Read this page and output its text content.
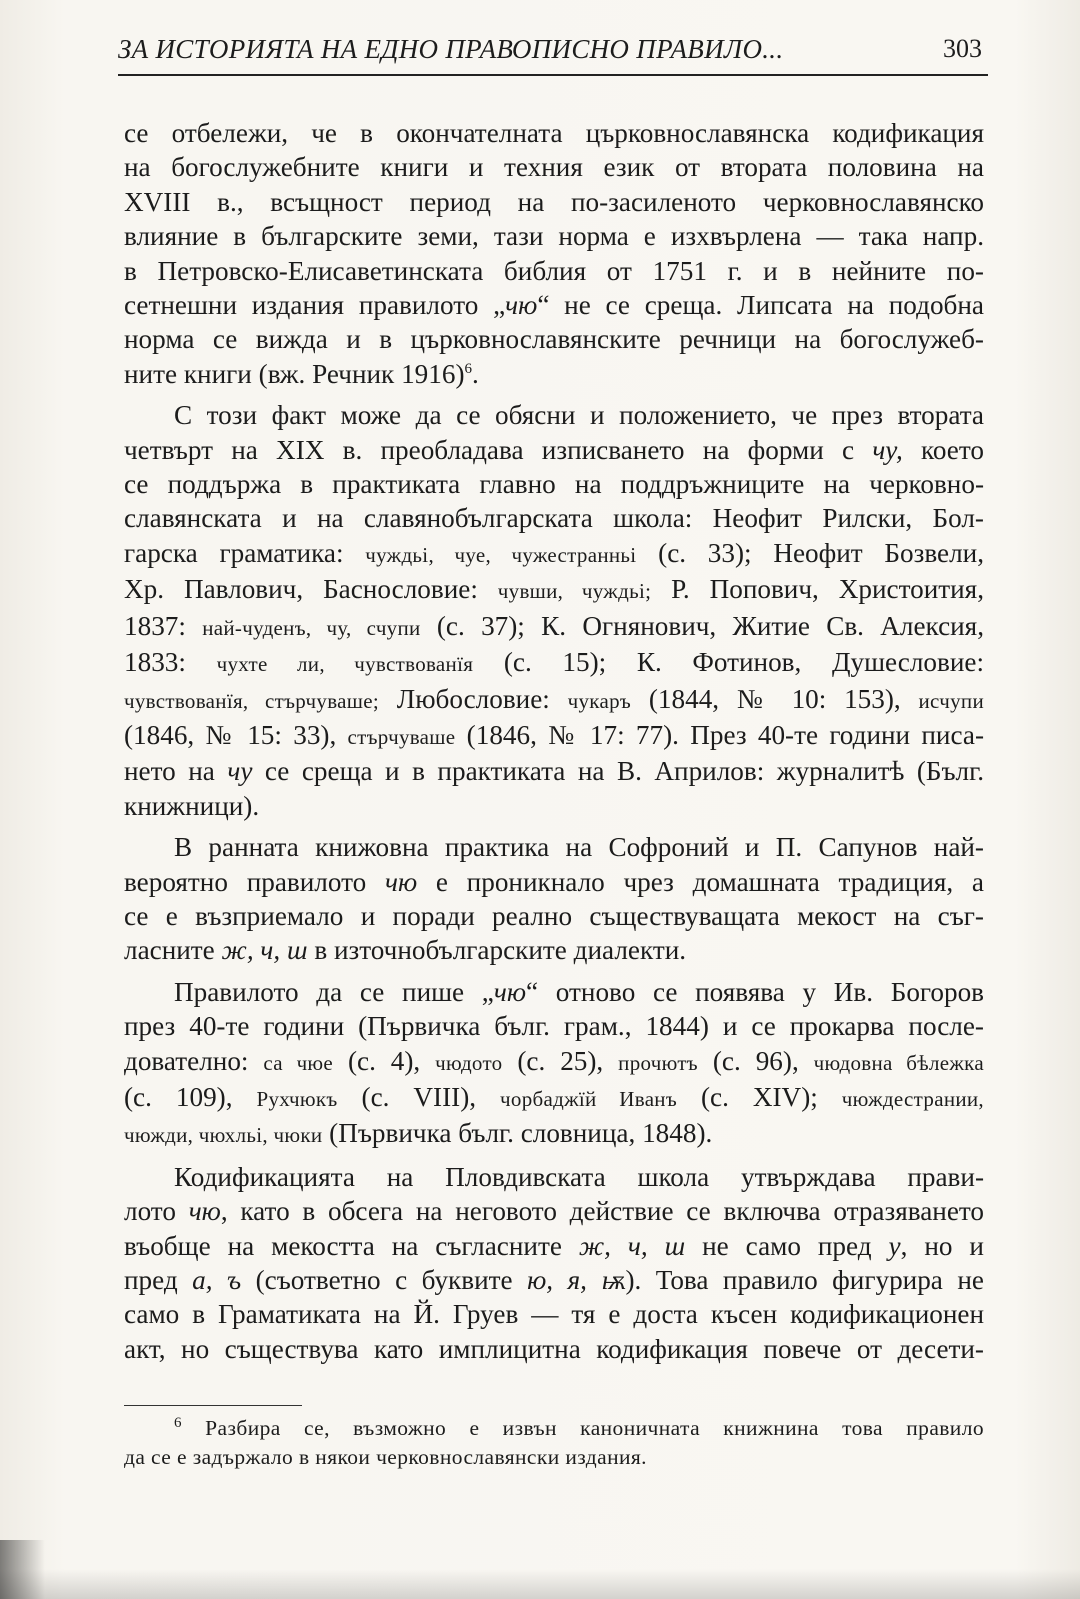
ЗА ИСТОРИЯТА НА ЕДНО ПРАВОПИСНО ПРАВИЛО...	303
се отбележи, че в окончателната църковнославянска кодификация
на богослужебните книги и техния език от втората половина на
XVIII в., всъщност период на по-засиленото черковнославянско
влияние в българските земи, тази норма е изхвърлена — така напр.
в Петровско-Елисаветинската библия от 1751 г. и в нейните по-
сетнешни издания правилото „чю“ не се среща. Липсата на подобна
норма се вижда и в църковнославянските речници на богослужеб-
ните книги (вж. Речник 1916)$^6$.
С този факт може да се обясни и положението, че през втората
четвърт на XIX в. преобладава изписването на форми с чу, което
се поддържа в практиката главно на поддръжниците на черковно-
славянската и на славянобългарската школа: Неофит Рилски, Бол-
гарска граматика: чуждьі, чуе, чужестранньі (с. 33); Неофит Бозвели,
Хр. Павлович, Баснословие: чувши, чуждьі; Р. Попович, Христоития,
1837: най-чуденъ, чу, счупи (с. 37); К. Огнянович, Житие Св. Алексия,
1833: чухте ли, чувствованїя (с. 15); К. Фотинов, Душесловие:
чувствованїя, стърчуваше; Любословие: чукаръ (1844, № 10: 153), исчупи
(1846, № 15: 33), стърчуваше (1846, № 17: 77). През 40-те години писа-
нето на чу се среща и в практиката на В. Априлов: журналитѣ (Бълг.
книжници).
В ранната книжовна практика на Софроний и П. Сапунов най-
вероятно правилото чю е проникнало чрез домашната традиция, а
се е възприемало и поради реално съществуващата мекост на съг-
ласните ж, ч, ш в източнобългарските диалекти.
Правилото да се пише „чю“ отново се появява у Ив. Богоров
през 40-те години (Първичка бълг. грам., 1844) и се прокарва после-
дователно: са чюе (с. 4), чюдото (с. 25), прочютъ (с. 96), чюдовна бѣлежка
(с. 109), Рухчюкъ (с. VIII), чорбаджїй Иванъ (с. XIV); чюждестрании,
чюжди, чюхльі, чюки (Първичка бълг. словница, 1848).
Кодификацията на Пловдивската школа утвърждава прави-
лото чю, като в обсега на неговото действие се включва отразяването
въобще на мекостта на съгласните ж, ч, ш не само пред у, но и
пред а, ъ (съответно с буквите ю, я, ѭ). Това правило фигурира не
само в Граматиката на Й. Груев — тя е доста късен кодификационен
акт, но съществува като имплицитна кодификация повече от десети-
$^6$ Разбира се, възможно е извън каноничната книжнина това правило
да се е задържало в някои черковнославянски издания.
